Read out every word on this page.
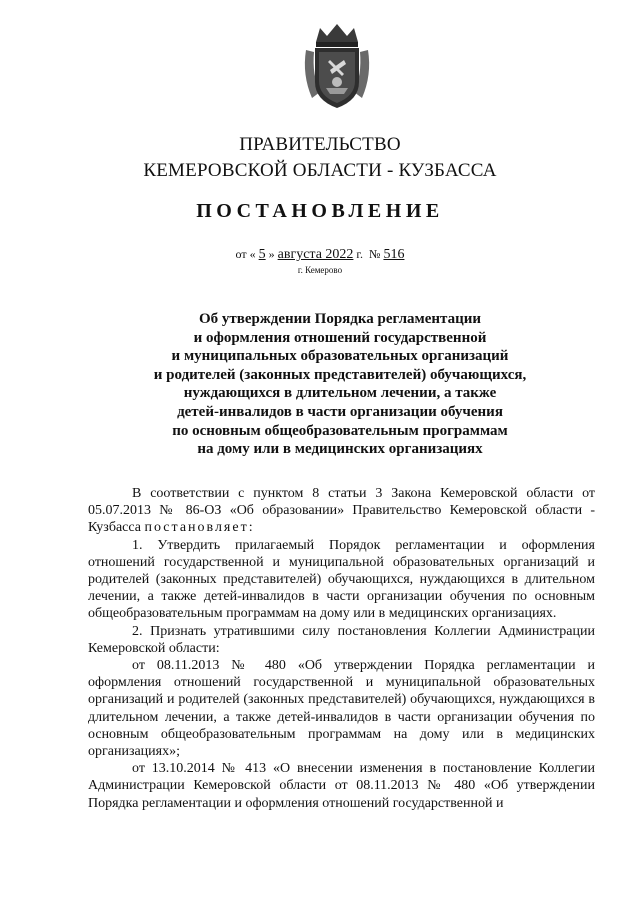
ПРАВИТЕЛЬСТВО
КЕМЕРОВСКОЙ ОБЛАСТИ - КУЗБАССА
ПОСТАНОВЛЕНИЕ
от « 5 » августа 2022 г. № 516
г. Кемерово
Об утверждении Порядка регламентации
и оформления отношений государственной
и муниципальных образовательных организаций
и родителей (законных представителей) обучающихся,
нуждающихся в длительном лечении, а также
детей-инвалидов в части организации обучения
по основным общеобразовательным программам
на дому или в медицинских организациях

В соответствии с пунктом 8 статьи 3 Закона Кемеровской области от 05.07.2013 № 86-ОЗ «Об образовании» Правительство Кемеровской области - Кузбасса постановляет:

1. Утвердить прилагаемый Порядок регламентации и оформления отношений государственной и муниципальной образовательных организаций и родителей (законных представителей) обучающихся, нуждающихся в длительном лечении, а также детей-инвалидов в части организации обучения по основным общеобразовательным программам на дому или в медицинских организациях.

2. Признать утратившими силу постановления Коллегии Администрации Кемеровской области:

от 08.11.2013 № 480 «Об утверждении Порядка регламентации и оформления отношений государственной и муниципальной образовательных организаций и родителей (законных представителей) обучающихся, нуждающихся в длительном лечении, а также детей-инвалидов в части организации обучения по основным общеобразовательным программам на дому или в медицинских организациях»;

от 13.10.2014 № 413 «О внесении изменения в постановление Коллегии Администрации Кемеровской области от 08.11.2013 № 480 «Об утверждении Порядка регламентации и оформления отношений государственной и
